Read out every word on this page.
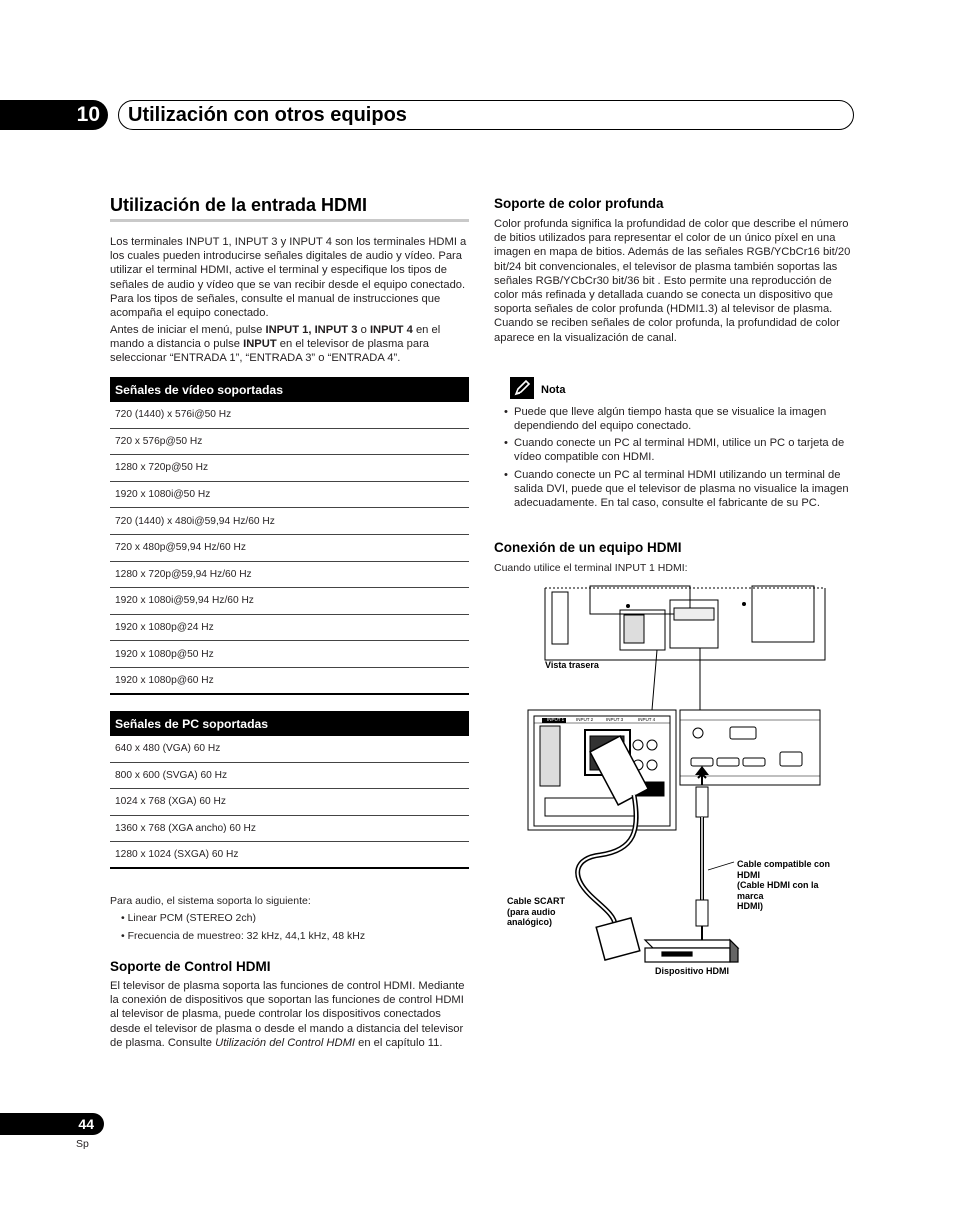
10	Utilización con otros equipos
Utilización de la entrada HDMI
Los terminales INPUT 1, INPUT 3 y INPUT 4 son los terminales HDMI a los cuales pueden introducirse señales digitales de audio y vídeo. Para utilizar el terminal HDMI, active el terminal y especifique los tipos de señales de audio y vídeo que se van recibir desde el equipo conectado. Para los tipos de señales, consulte el manual de instrucciones que acompaña el equipo conectado.
Antes de iniciar el menú, pulse INPUT 1, INPUT 3 o INPUT 4 en el mando a distancia o pulse INPUT en el televisor de plasma para seleccionar “ENTRADA 1”, “ENTRADA 3” o “ENTRADA 4”.
Señales de vídeo soportadas
720 (1440) x 576i@50 Hz
720 x 576p@50 Hz
1280 x 720p@50 Hz
1920 x 1080i@50 Hz
720 (1440) x 480i@59,94 Hz/60 Hz
720 x 480p@59,94 Hz/60 Hz
1280 x 720p@59,94 Hz/60 Hz
1920 x 1080i@59,94 Hz/60 Hz
1920 x 1080p@24 Hz
1920 x 1080p@50 Hz
1920 x 1080p@60 Hz
Señales de PC soportadas
640 x 480 (VGA) 60 Hz
800 x 600 (SVGA) 60 Hz
1024 x 768 (XGA) 60 Hz
1360 x 768 (XGA ancho) 60 Hz
1280 x 1024 (SXGA) 60 Hz
Para audio, el sistema soporta lo siguiente:
• Linear PCM (STEREO 2ch)
• Frecuencia de muestreo: 32 kHz, 44,1 kHz, 48 kHz
Soporte de Control HDMI
El televisor de plasma soporta las funciones de control HDMI. Mediante la conexión de dispositivos que soportan las funciones de control HDMI al televisor de plasma, puede controlar los dispositivos conectados desde el televisor de plasma o desde el mando a distancia del televisor de plasma. Consulte Utilización del Control HDMI en el capítulo 11.
Soporte de color profunda
Color profunda significa la profundidad de color que describe el número de bitios utilizados para representar el color de un único píxel en una imagen en mapa de bitios. Además de las señales RGB/YCbCr16 bit/20 bit/24 bit convencionales, el televisor de plasma también soportas las señales RGB/YCbCr30 bit/36 bit . Esto permite una reproducción de color más refinada y detallada cuando se conecta un dispositivo que soporta señales de color profunda (HDMI1.3) al televisor de plasma. Cuando se reciben señales de color profunda, la profundidad de color aparece en la visualización de canal.
Nota
• Puede que lleve algún tiempo hasta que se visualice la imagen dependiendo del equipo conectado.
• Cuando conecte un PC al terminal HDMI, utilice un PC o tarjeta de vídeo compatible con HDMI.
• Cuando conecte un PC al terminal HDMI utilizando un terminal de salida DVI, puede que el televisor de plasma no visualice la imagen adecuadamente. En tal caso, consulte el fabricante de su PC.
Conexión de un equipo HDMI
Cuando utilice el terminal INPUT 1 HDMI:
Vista trasera
Cable compatible con HDMI
(Cable HDMI con la marca
HDMI)
Cable SCART
(para audio
analógico)
Dispositivo HDMI
INPUT 1	INPUT 2	INPUT 3	INPUT 4
44
Sp
